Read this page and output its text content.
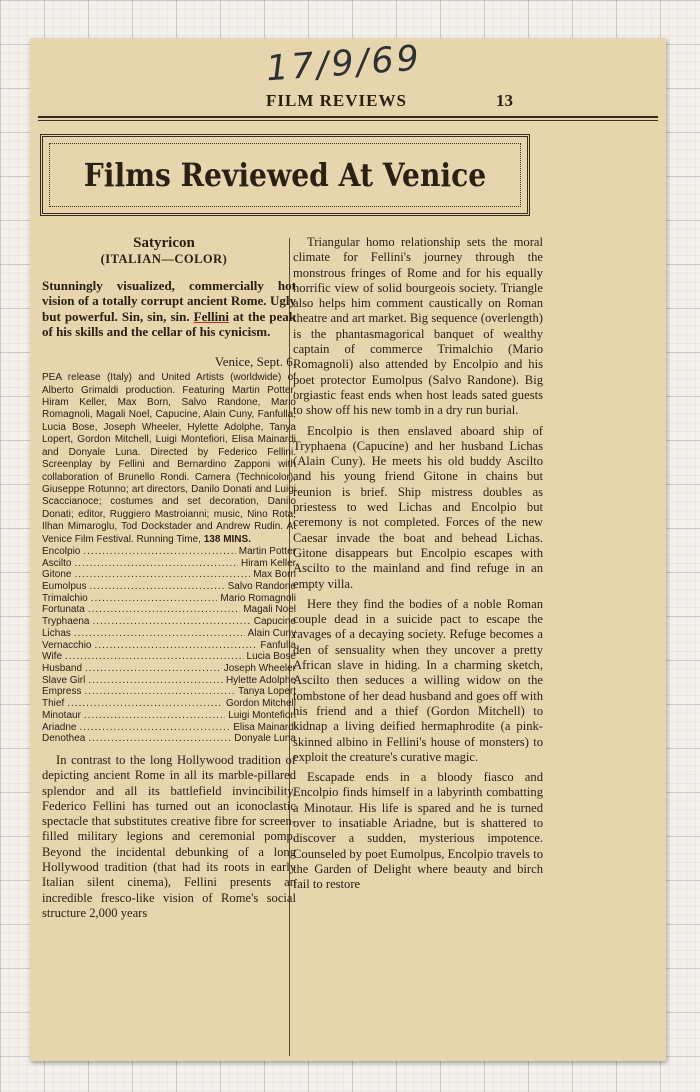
17/9/69
FILM REVIEWS	13
Films Reviewed At Venice
Satyricon
(ITALIAN—COLOR)

Stunningly visualized, commercially hot vision of a totally corrupt ancient Rome. Ugly but powerful. Sin, sin, sin. Fellini at the peak of his skills and the cellar of his cynicism.

Venice, Sept. 6.

PEA release (Italy) and United Artists (worldwide) of Alberto Grimaldi production. Featuring Martin Potter, Hiram Keller, Max Born, Salvo Randone, Mario Romagnoli, Magali Noel, Capucine, Alain Cuny, Fanfulla, Lucia Bose, Joseph Wheeler, Hylette Adolphe, Tanya Lopert, Gordon Mitchell, Luigi Montefiori, Elisa Mainardi and Donyale Luna. Directed by Federico Fellini. Screenplay by Fellini and Bernardino Zapponi with collaboration of Brunello Rondi. Camera (Technicolor), Giuseppe Rotunno; art directors, Danilo Donati and Luigi Scaccianoce; costumes and set decoration, Danilo Donati; editor, Ruggiero Mastroianni; music, Nino Rota, Ilhan Mimaroglu, Tod Dockstader and Andrew Rudin. At Venice Film Festival. Running Time, 138 MINS.

Encolpio .....	Martin Potter
Ascilto .....	Hiram Keller
Gitone .....	Max Born
Eumolpus .....	Salvo Randone
Trimalchio .....	Mario Romagnoli
Fortunata .....	Magali Noel
Tryphaena .....	Capucine
Lichas .....	Alain Cuny
Vernacchio .....	Fanfulla
Wife .....	Lucia Bose
Husband .....	Joseph Wheeler
Slave Girl .....	Hylette Adolphe
Empress .....	Tanya Lopert
Thief .....	Gordon Mitchell
Minotaur .....	Luigi Montefiori
Ariadne .....	Elisa Mainardi
Denothea .....	Donyale Luna

In contrast to the long Hollywood tradition of depicting ancient Rome in all its marble-pillared splendor and all its battlefield invincibility, Federico Fellini has turned out an iconoclastic spectacle that substitutes creative fibre for screen-filled military legions and ceremonial pomp. Beyond the incidental debunking of a long Hollywood tradition (that had its roots in early Italian silent cinema), Fellini presents an incredible fresco-like vision of Rome's social structure 2,000 years

Triangular homo relationship sets the moral climate for Fellini's journey through the monstrous fringes of Rome and for his equally horrific view of solid bourgeois society. Triangle also helps him comment caustically on Roman theatre and art market. Big sequence (overlength) is the phantasmagorical banquet of wealthy captain of commerce Trimalchio (Mario Romagnoli) also attended by Encolpio and his poet protector Eumolpus (Salvo Randone). Big orgiastic feast ends when host leads sated guests to show off his new tomb in a dry run burial.

Encolpio is then enslaved aboard ship of Tryphaena (Capucine) and her husband Lichas (Alain Cuny). He meets his old buddy Ascilto and his young friend Gitone in chains but reunion is brief. Ship mistress doubles as priestess to wed Lichas and Encolpio but ceremony is not completed. Forces of the new Caesar invade the boat and behead Lichas. Gitone disappears but Encolpio escapes with Ascilto to the mainland and find refuge in an empty villa.

Here they find the bodies of a noble Roman couple dead in a suicide pact to escape the ravages of a decaying society. Refuge becomes a den of sensuality when they uncover a pretty African slave in hiding. In a charming sketch, Ascilto then seduces a willing widow on the tombstone of her dead husband and goes off with his friend and a thief (Gordon Mitchell) to kidnap a living deified hermaphrodite (a pink-skinned albino in Fellini's house of monsters) to exploit the creature's curative magic.

Escapade ends in a bloody fiasco and Encolpio finds himself in a labyrinth combatting a Minotaur. His life is spared and he is turned over to insatiable Ariadne, but is shattered to discover a sudden, mysterious impotence. Counseled by poet Eumolpus, Encolpio travels to the Garden of Delight where beauty and birch fail to restore
